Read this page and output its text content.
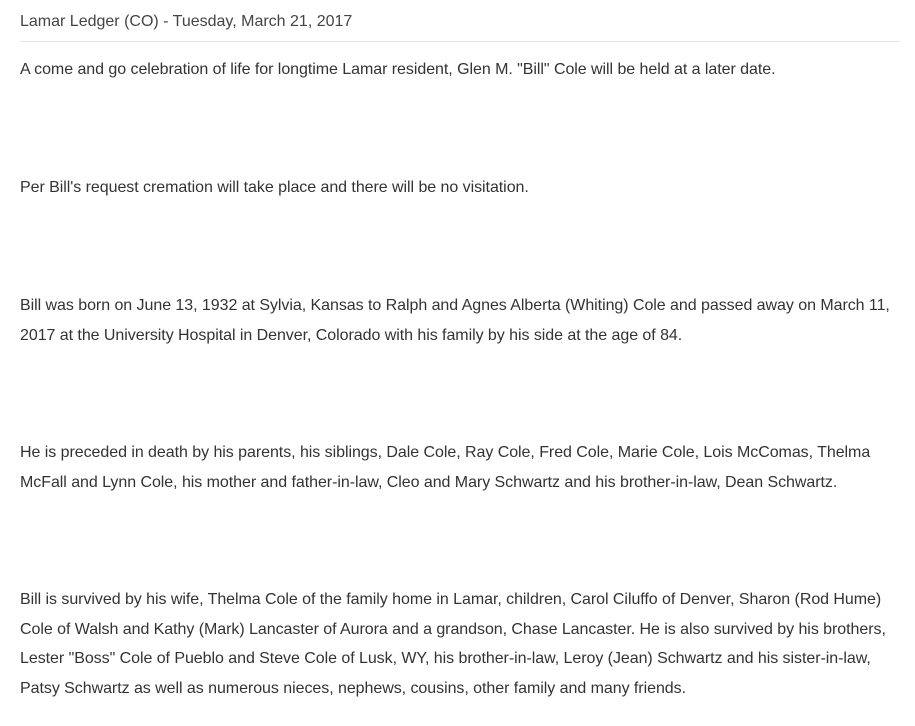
Lamar Ledger (CO) - Tuesday, March 21, 2017

A come and go celebration of life for longtime Lamar resident, Glen M. "Bill" Cole will be held at a later date.

Per Bill's request cremation will take place and there will be no visitation.

Bill was born on June 13, 1932 at Sylvia, Kansas to Ralph and Agnes Alberta (Whiting) Cole and passed away on March 11, 2017 at the University Hospital in Denver, Colorado with his family by his side at the age of 84.

He is preceded in death by his parents, his siblings, Dale Cole, Ray Cole, Fred Cole, Marie Cole, Lois McComas, Thelma McFall and Lynn Cole, his mother and father-in-law, Cleo and Mary Schwartz and his brother-in-law, Dean Schwartz.

Bill is survived by his wife, Thelma Cole of the family home in Lamar, children, Carol Ciluffo of Denver, Sharon (Rod Hume) Cole of Walsh and Kathy (Mark) Lancaster of Aurora and a grandson, Chase Lancaster. He is also survived by his brothers, Lester "Boss" Cole of Pueblo and Steve Cole of Lusk, WY, his brother-in-law, Leroy (Jean) Schwartz and his sister-in-law, Patsy Schwartz as well as numerous nieces, nephews, cousins, other family and many friends.
